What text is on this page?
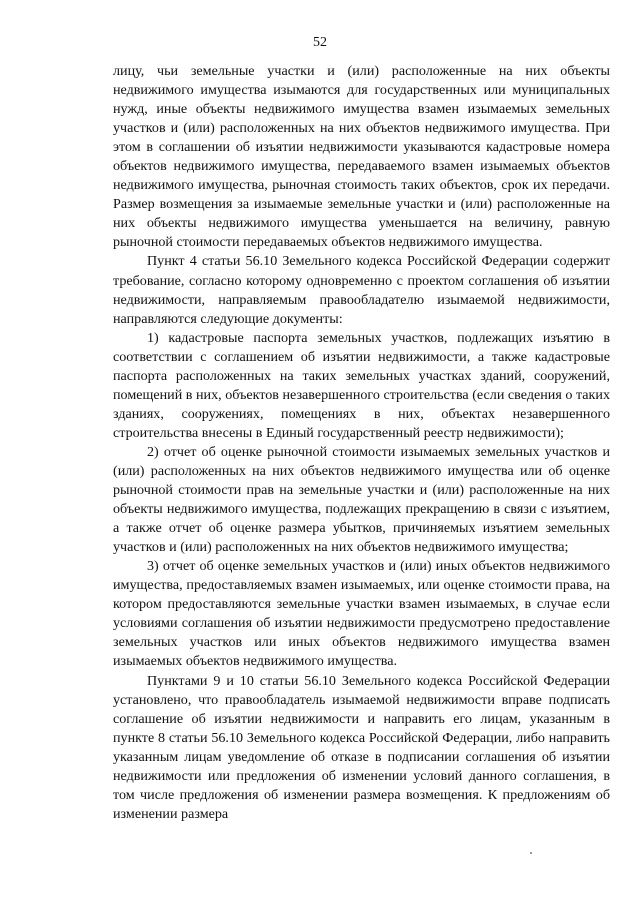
52

лицу, чьи земельные участки и (или) расположенные на них объекты недвижимого имущества изымаются для государственных или муниципальных нужд, иные объекты недвижимого имущества взамен изымаемых земельных участков и (или) расположенных на них объектов недвижимого имущества. При этом в соглашении об изъятии недвижимости указываются кадастровые номера объектов недвижимого имущества, передаваемого взамен изымаемых объектов недвижимого имущества, рыночная стоимость таких объектов, срок их передачи. Размер возмещения за изымаемые земельные участки и (или) расположенные на них объекты недвижимого имущества уменьшается на величину, равную рыночной стоимости передаваемых объектов недвижимого имущества.

Пункт 4 статьи 56.10 Земельного кодекса Российской Федерации содержит требование, согласно которому одновременно с проектом соглашения об изъятии недвижимости, направляемым правообладателю изымаемой недвижимости, направляются следующие документы:

1) кадастровые паспорта земельных участков, подлежащих изъятию в соответствии с соглашением об изъятии недвижимости, а также кадастровые паспорта расположенных на таких земельных участках зданий, сооружений, помещений в них, объектов незавершенного строительства (если сведения о таких зданиях, сооружениях, помещениях в них, объектах незавершенного строительства внесены в Единый государственный реестр недвижимости);

2) отчет об оценке рыночной стоимости изымаемых земельных участков и (или) расположенных на них объектов недвижимого имущества или об оценке рыночной стоимости прав на земельные участки и (или) расположенные на них объекты недвижимого имущества, подлежащих прекращению в связи с изъятием, а также отчет об оценке размера убытков, причиняемых изъятием земельных участков и (или) расположенных на них объектов недвижимого имущества;

3) отчет об оценке земельных участков и (или) иных объектов недвижимого имущества, предоставляемых взамен изымаемых, или оценке стоимости права, на котором предоставляются земельные участки взамен изымаемых, в случае если условиями соглашения об изъятии недвижимости предусмотрено предоставление земельных участков или иных объектов недвижимого имущества взамен изымаемых объектов недвижимого имущества.

Пунктами 9 и 10 статьи 56.10 Земельного кодекса Российской Федерации установлено, что правообладатель изымаемой недвижимости вправе подписать соглашение об изъятии недвижимости и направить его лицам, указанным в пункте 8 статьи 56.10 Земельного кодекса Российской Федерации, либо направить указанным лицам уведомление об отказе в подписании соглашения об изъятии недвижимости или предложения об изменении условий данного соглашения, в том числе предложения об изменении размера возмещения. К предложениям об изменении размера
